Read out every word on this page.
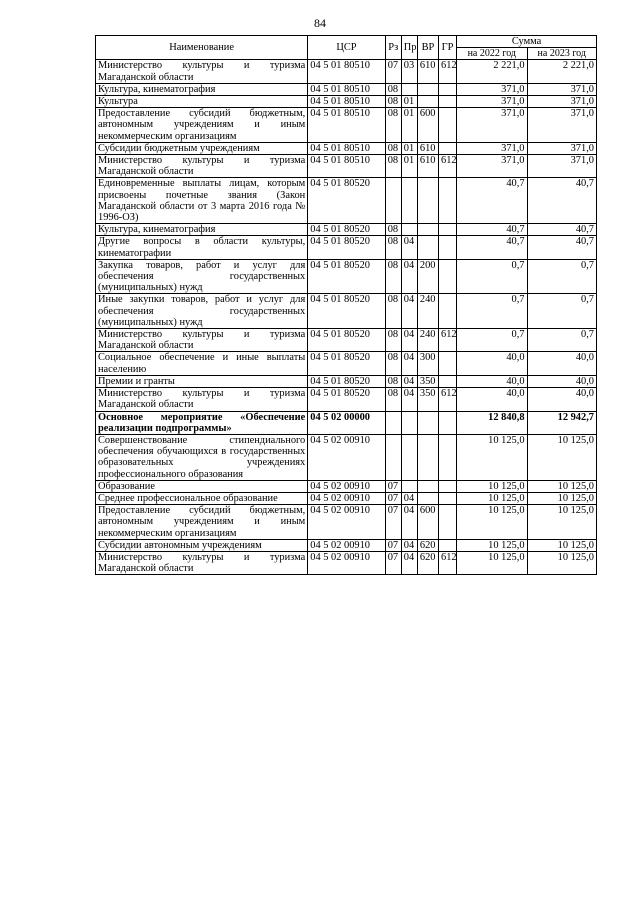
84
Наименование	ЦСР	Рз	Пр	ВР	ГР	Сумма	
						на 2022 год	на 2023 год
Министерство культуры и туризма Магаданской области	04 5 01 80510	07	03	610	612	2 221,0	2 221,0
Культура, кинематография	04 5 01 80510	08				371,0	371,0
Культура	04 5 01 80510	08	01			371,0	371,0
Предоставление субсидий бюджетным, автономным учреждениям и иным некоммерческим организациям	04 5 01 80510	08	01	600		371,0	371,0
Субсидии бюджетным учреждениям	04 5 01 80510	08	01	610		371,0	371,0
Министерство культуры и туризма Магаданской области	04 5 01 80510	08	01	610	612	371,0	371,0
Единовременные выплаты лицам, которым присвоены почетные звания (Закон Магаданской области от 3 марта 2016 года № 1996-ОЗ)	04 5 01 80520					40,7	40,7
Культура, кинематография	04 5 01 80520	08				40,7	40,7
Другие вопросы в области культуры, кинематографии	04 5 01 80520	08	04			40,7	40,7
Закупка товаров, работ и услуг для обеспечения государственных (муниципальных) нужд	04 5 01 80520	08	04	200		0,7	0,7
Иные закупки товаров, работ и услуг для обеспечения государственных (муниципальных) нужд	04 5 01 80520	08	04	240		0,7	0,7
Министерство культуры и туризма Магаданской области	04 5 01 80520	08	04	240	612	0,7	0,7
Социальное обеспечение и иные выплаты населению	04 5 01 80520	08	04	300		40,0	40,0
Премии и гранты	04 5 01 80520	08	04	350		40,0	40,0
Министерство культуры и туризма Магаданской области	04 5 01 80520	08	04	350	612	40,0	40,0
Основное мероприятие «Обеспечение реализации подпрограммы»	04 5 02 00000					12 840,8	12 942,7
Совершенствование стипендиального обеспечения обучающихся в государственных образовательных учреждениях профессионального образования	04 5 02 00910					10 125,0	10 125,0
Образование	04 5 02 00910	07				10 125,0	10 125,0
Среднее профессиональное образование	04 5 02 00910	07	04			10 125,0	10 125,0
Предоставление субсидий бюджетным, автономным учреждениям и иным некоммерческим организациям	04 5 02 00910	07	04	600		10 125,0	10 125,0
Субсидии автономным учреждениям	04 5 02 00910	07	04	620		10 125,0	10 125,0
Министерство культуры и туризма Магаданской области	04 5 02 00910	07	04	620	612	10 125,0	10 125,0
